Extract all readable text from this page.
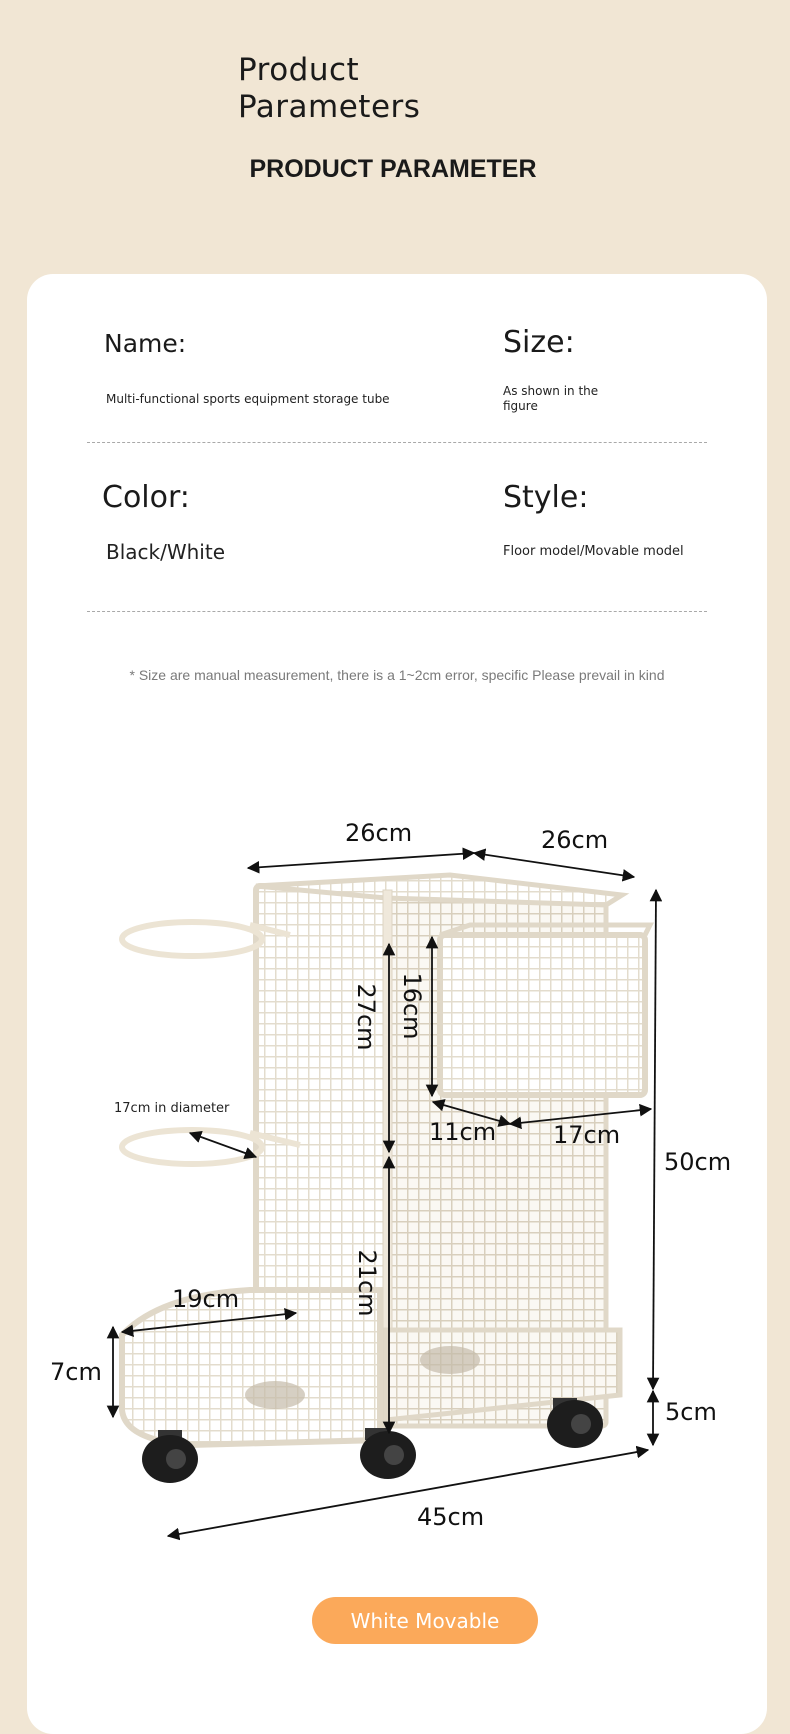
Product
Parameters
PRODUCT PARAMETER
Name:
Multi-functional sports equipment storage tube
Size:
As shown in the
figure
Color:
Black/White
Style:
Floor model/Movable model
* Size are manual measurement, there is a 1~2cm error, specific Please prevail in kind
26cm	26cm
27cm 16cm
17cm in diameter
11cm 17cm
50cm
21cm
19cm
7cm
5cm
45cm
White Movable
